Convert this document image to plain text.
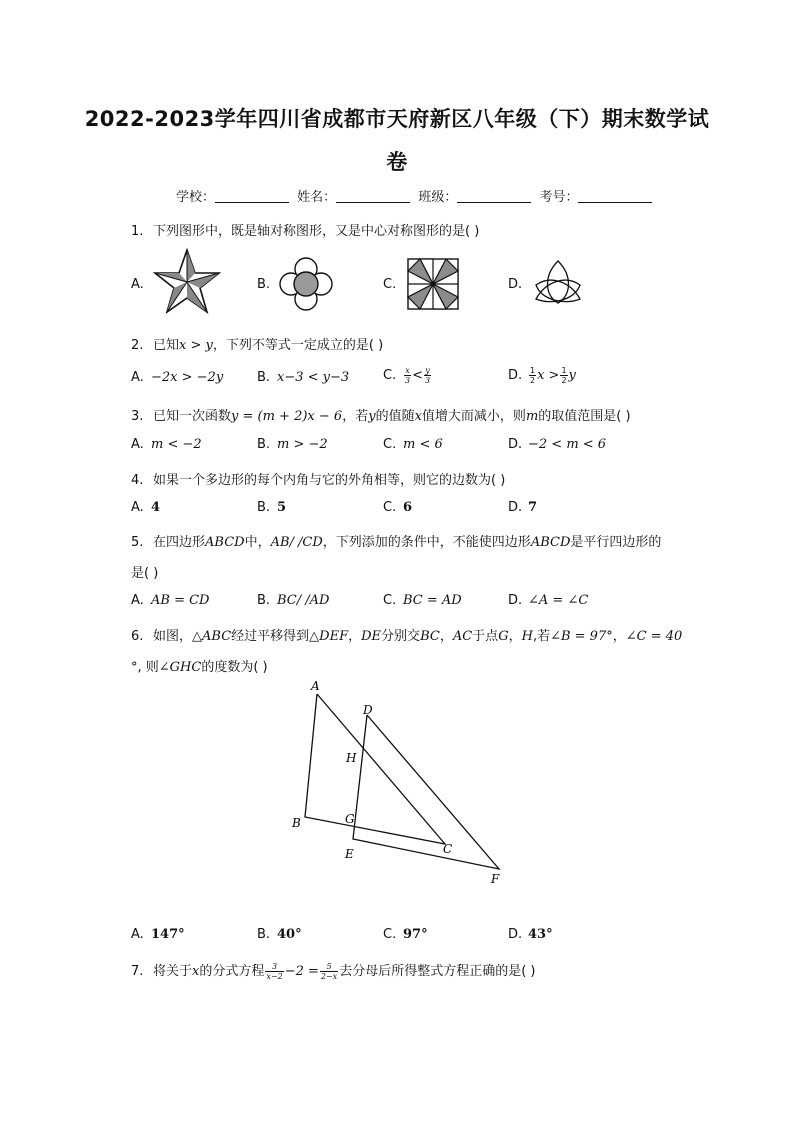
2022-2023学年四川省成都市天府新区八年级（下）期末数学试
卷
学校：	姓名：	班级：	考号：
1. 下列图形中，既是轴对称图形，又是中心对称图形的是( )
A.	B.	C.	D.
2. 已知x > y，下列不等式一定成立的是( )
A. −2x > −2y	B. x−3 < y−3	C. $\frac{x}{3} < \frac{y}{3}$	D. $\frac{1}{2}$ $x > \frac{1}{2}$ y
3. 已知一次函数y = (m + 2)x − 6，若y的值随x值增大而减小，则m的取值范围是( )
A. m < −2	B. m > −2	C. m < 6	D. −2 < m < 6
4. 如果一个多边形的每个内角与它的外角相等，则它的边数为( )
A. 4	B. 5	C. 6	D. 7
5. 在四边形ABCD中，AB/ /CD，下列添加的条件中，不能使四边形ABCD是平行四边形的
是( )
A. AB = CD	B. BC/ /AD	C. BC = AD	D. ∠A = ∠C
6. 如图，△ABC经过平移得到△DEF，DE分别交BC，AC于点G，H,若∠B = 97°，∠C = 40
°, 则∠GHC的度数为( )
A
D
H
G
B
C
E
F
A. 147°	B. 40°	C. 97°	D. 43°
7. 将关于x的分式方程 $\frac{3}{x-2} -2 = \frac{5}{2-x}$ 去分母后所得整式方程正确的是( )
